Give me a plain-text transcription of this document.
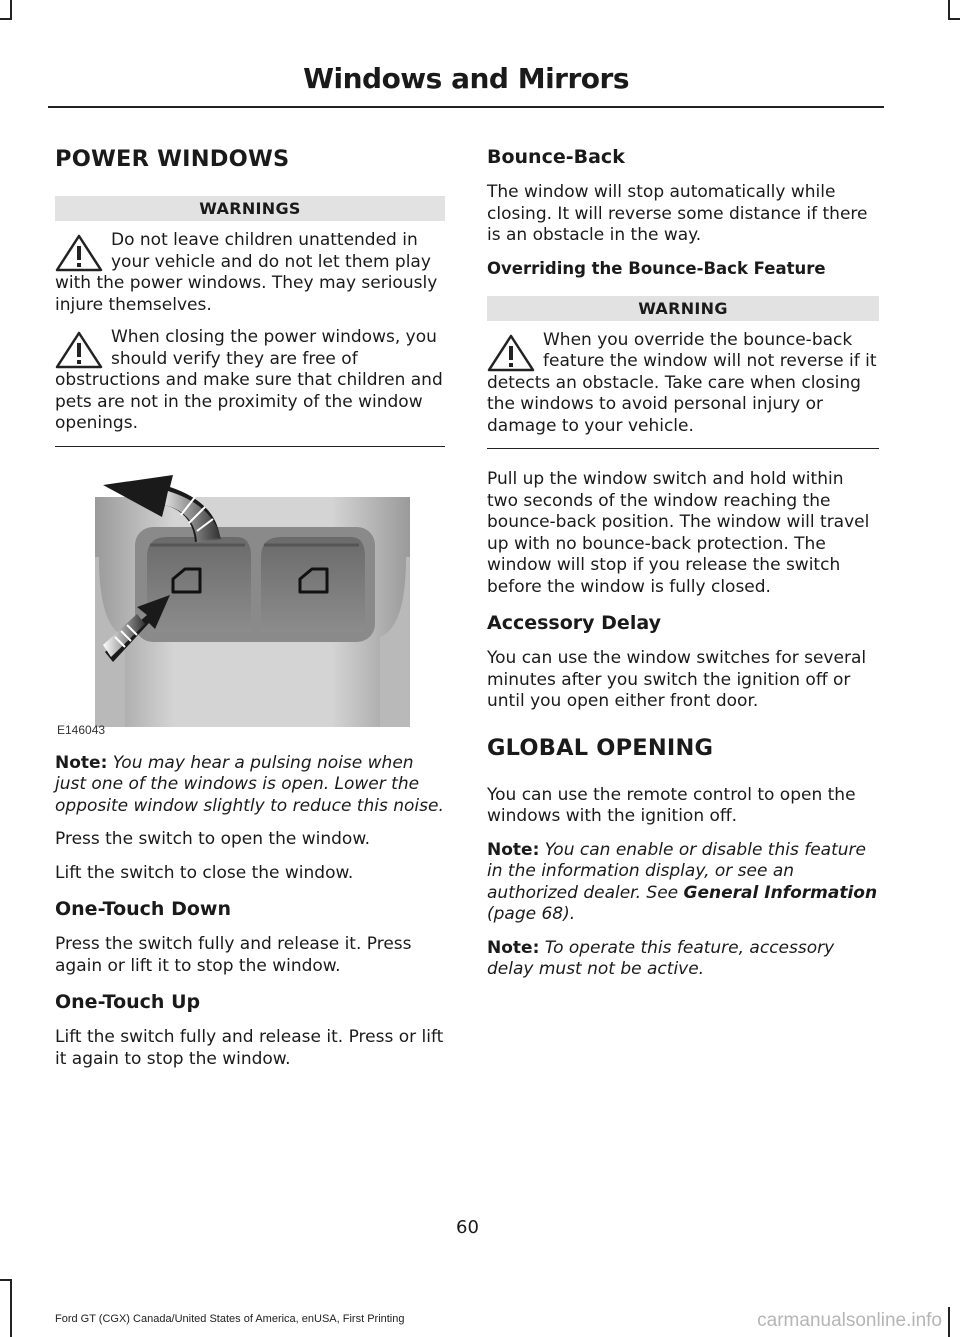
Windows and Mirrors
POWER WINDOWS
WARNINGS

Do not leave children unattended in your vehicle and do not let them play with the power windows. They may seriously injure themselves.

When closing the power windows, you should verify they are free of obstructions and make sure that children and pets are not in the proximity of the window openings.

E146043

Note: You may hear a pulsing noise when just one of the windows is open. Lower the opposite window slightly to reduce this noise.

Press the switch to open the window.

Lift the switch to close the window.

One-Touch Down

Press the switch fully and release it. Press again or lift it to stop the window.

One-Touch Up

Lift the switch fully and release it. Press or lift it again to stop the window.

Bounce-Back

The window will stop automatically while closing. It will reverse some distance if there is an obstacle in the way.

Overriding the Bounce-Back Feature
WARNING

When you override the bounce-back feature the window will not reverse if it detects an obstacle. Take care when closing the windows to avoid personal injury or damage to your vehicle.

Pull up the window switch and hold within two seconds of the window reaching the bounce-back position. The window will travel up with no bounce-back protection. The window will stop if you release the switch before the window is fully closed.

Accessory Delay

You can use the window switches for several minutes after you switch the ignition off or until you open either front door.

GLOBAL OPENING

You can use the remote control to open the windows with the ignition off.

Note: You can enable or disable this feature in the information display, or see an authorized dealer. See General Information (page 68).

Note: To operate this feature, accessory delay must not be active.

60
Ford GT (CGX) Canada/United States of America, enUSA, First Printing	carmanualsonline.info
